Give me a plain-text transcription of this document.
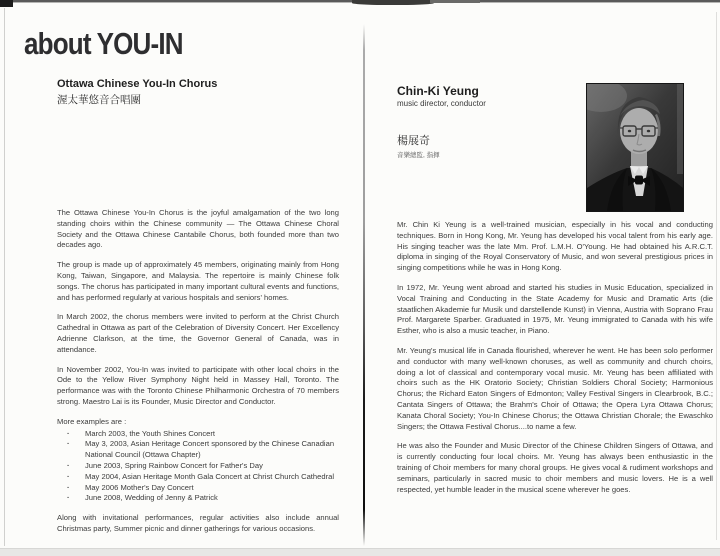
about YOU-IN
Ottawa Chinese You-In Chorus
渥太華悠音合唱團

The Ottawa Chinese You-In Chorus is the joyful amalgamation of the two long standing choirs within the Chinese community — The Ottawa Chinese Choral Society and the Ottawa Chinese Cantabile Chorus, both founded more than two decades ago.

The group is made up of approximately 45 members, originating mainly from Hong Kong, Taiwan, Singapore, and Malaysia. The repertoire is mainly Chinese folk songs. The chorus has participated in many important cultural events and functions, and has performed regularly at various hospitals and seniors' homes.

In March 2002, the chorus members were invited to perform at the Christ Church Cathedral in Ottawa as part of the Celebration of Diversity Concert. Her Excellency Adrienne Clarkson, at the time, the Governor General of Canada, was in attendance.

In November 2002, You-In was invited to participate with other local choirs in the Ode to the Yellow River Symphony Night held in Massey Hall, Toronto. The performance was with the Toronto Chinese Philharmonic Orchestra of 70 members strong. Maestro Lai is its Founder, Music Director and Conductor.

More examples are :

· March 2003, the Youth Shines Concert
· May 3, 2003, Asian Heritage Concert sponsored by the Chinese Canadian National Council (Ottawa Chapter)
· June 2003, Spring Rainbow Concert for Father's Day
· May 2004, Asian Heritage Month Gala Concert at Christ Church Cathedral
· May 2006 Mother's Day Concert
· June 2008, Wedding of Jenny & Patrick

Along with invitational performances, regular activities also include annual Christmas party, Summer picnic and dinner gatherings for various occasions.

Chin-Ki Yeung
music director, conductor
楊展奇
音樂總監, 指揮

Mr. Chin Ki Yeung is a well-trained musician, especially in his vocal and conducting techniques. Born in Hong Kong, Mr. Yeung has developed his vocal talent from his early age. His singing teacher was the late Mm. Prof. L.M.H. O'Young. He had obtained his A.R.C.T. diploma in singing of the Royal Conservatory of Music, and won several prestigious prices in singing competitions while he was in Hong Kong.

In 1972, Mr. Yeung went abroad and started his studies in Music Education, specialized in Vocal Training and Conducting in the State Academy for Music and Dramatic Arts (die staatlichen Akademie fur Musik und darstellende Kunst) in Vienna, Austria with Soprano Frau Prof. Margarete Sparber. Graduated in 1975, Mr. Yeung immigrated to Canada with his wife Esther, who is also a music teacher, in Piano.

Mr. Yeung's musical life in Canada flourished, wherever he went. He has been solo performer and conductor with many well-known choruses, as well as community and church choirs, doing a lot of classical and contemporary vocal music. Mr. Yeung has been affiliated with choirs such as the HK Oratorio Society; Christian Soldiers Choral Society; Harmonious Chorus; the Richard Eaton Singers of Edmonton; Valley Festival Singers in Clearbrook, B.C.; Cantata Singers of Ottawa; the Brahm's Choir of Ottawa; the Opera Lyra Ottawa Chorus; Kanata Choral Society; You-In Chinese Chorus; the Ottawa Christian Chorale; the Ewaschko Singers; the Ottawa Festival Chorus....to name a few.

He was also the Founder and Music Director of the Chinese Children Singers of Ottawa, and is currently conducting four local choirs. Mr. Yeung has always been enthusiastic in the training of Choir members for many choral groups. He gives vocal & rudiment workshops and seminars, particularly in sacred music to choir members and music lovers. He is a well respected, yet humble leader in the musical scene wherever he goes.
